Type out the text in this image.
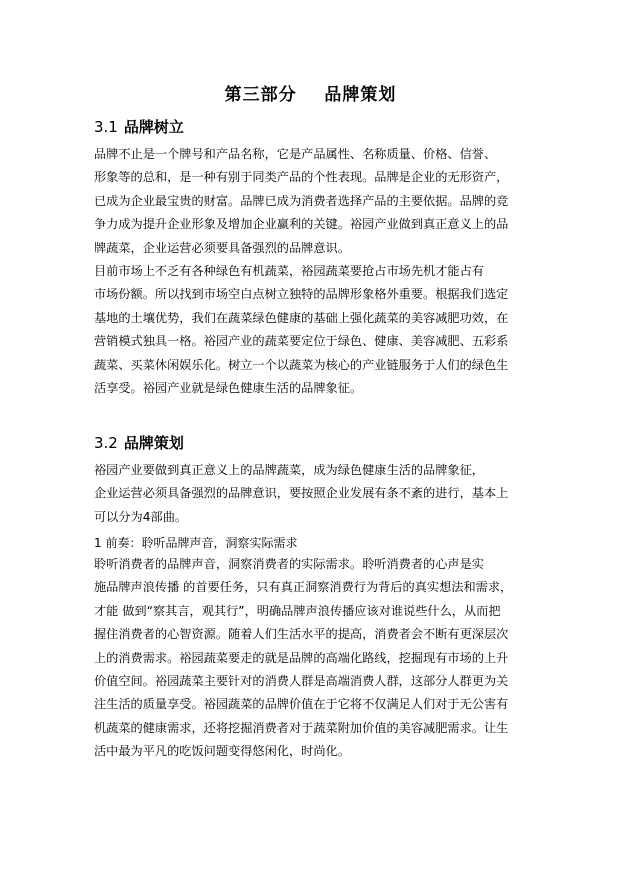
第三部分    品牌策划
3.1 品牌树立
品牌不止是一个牌号和产品名称，它是产品属性、名称质量、价格、信誉、
形象等的总和，是一种有别于同类产品的个性表现。品牌是企业的无形资产，
已成为企业最宝贵的财富。品牌已成为消费者选择产品的主要依据。品牌的竞
争力成为提升企业形象及增加企业赢利的关键。裕园产业做到真正意义上的品
牌蔬菜，企业运营必须要具备强烈的品牌意识。
目前市场上不乏有各种绿色有机蔬菜，裕园蔬菜要抢占市场先机才能占有
市场份额。所以找到市场空白点树立独特的品牌形象格外重要。根据我们选定
基地的土壤优势，我们在蔬菜绿色健康的基础上强化蔬菜的美容减肥功效，在
营销模式独具一格。裕园产业的蔬菜要定位于绿色、健康、美容减肥、五彩系
蔬菜、买菜休闲娱乐化。树立一个以蔬菜为核心的产业链服务于人们的绿色生
活享受。裕园产业就是绿色健康生活的品牌象征。
3.2 品牌策划
裕园产业要做到真正意义上的品牌蔬菜，成为绿色健康生活的品牌象征，
企业运营必须具备强烈的品牌意识，要按照企业发展有条不紊的进行，基本上
可以分为4部曲。
1 前奏：聆听品牌声音，洞察实际需求
聆听消费者的品牌声音，洞察消费者的实际需求。聆听消费者的心声是实
施品牌声浪传播 的首要任务，只有真正洞察消费行为背后的真实想法和需求，
才能 做到“察其言，观其行”，明确品牌声浪传播应该对谁说些什么，从而把
握住消费者的心智资源。随着人们生活水平的提高，消费者会不断有更深层次
上的消费需求。裕园蔬菜要走的就是品牌的高端化路线，挖掘现有市场的上升
价值空间。裕园蔬菜主要针对的消费人群是高端消费人群，这部分人群更为关
注生活的质量享受。裕园蔬菜的品牌价值在于它将不仅满足人们对于无公害有
机蔬菜的健康需求，还将挖掘消费者对于蔬菜附加价值的美容减肥需求。让生
活中最为平凡的吃饭问题变得悠闲化，时尚化。
